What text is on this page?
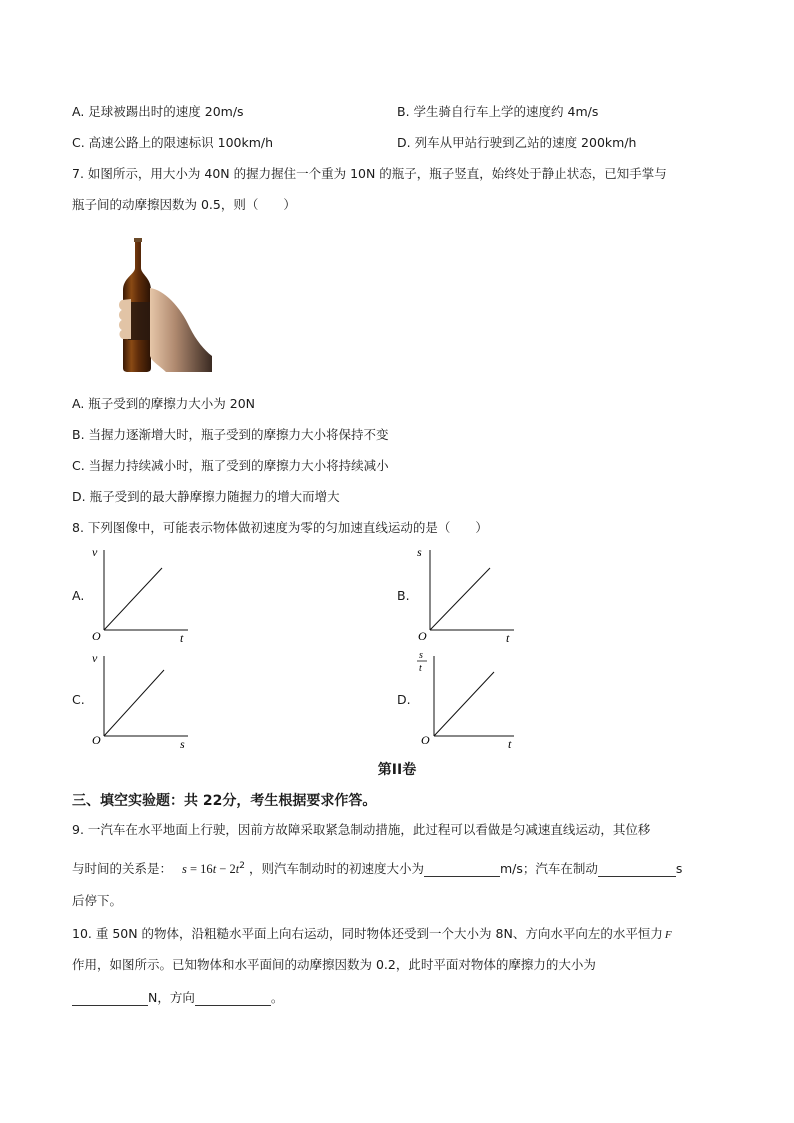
A. 足球被踢出时的速度 20m/s	B. 学生骑自行车上学的速度约 4m/s
C. 高速公路上的限速标识 100km/h	D. 列车从甲站行驶到乙站的速度 200km/h
7. 如图所示，用大小为 40N 的握力握住一个重为 10N 的瓶子，瓶子竖直，始终处于静止状态，已知手掌与
瓶子间的动摩擦因数为 0.5，则（　　）
A. 瓶子受到的摩擦力大小为 20N
B. 当握力逐渐增大时，瓶子受到的摩擦力大小将保持不变
C. 当握力持续减小时，瓶了受到的摩擦力大小将持续减小
D. 瓶子受到的最大静摩擦力随握力的增大而增大
8. 下列图像中，可能表示物体做初速度为零的匀加速直线运动的是（　　）
A.
v
t
O
B.
s
t
O
C.
v
s
O
D.
s
t
t
O
第II卷
三、填空实验题：共 22分，考生根据要求作答。
9. 一汽车在水平地面上行驶，因前方故障采取紧急制动措施，此过程可以看做是匀减速直线运动，其位移
与时间的关系是： $s = 16t - 2t^2$ ，则汽车制动时的初速度大小为	m/s；汽车在制动	s
后停下。
10. 重 50N 的物体，沿粗糙水平面上向右运动，同时物体还受到一个大小为 8N、方向水平向左的水平恒力 F
作用，如图所示。已知物体和水平面间的动摩擦因数为 0.2，此时平面对物体的摩擦力的大小为
N，方向	。
